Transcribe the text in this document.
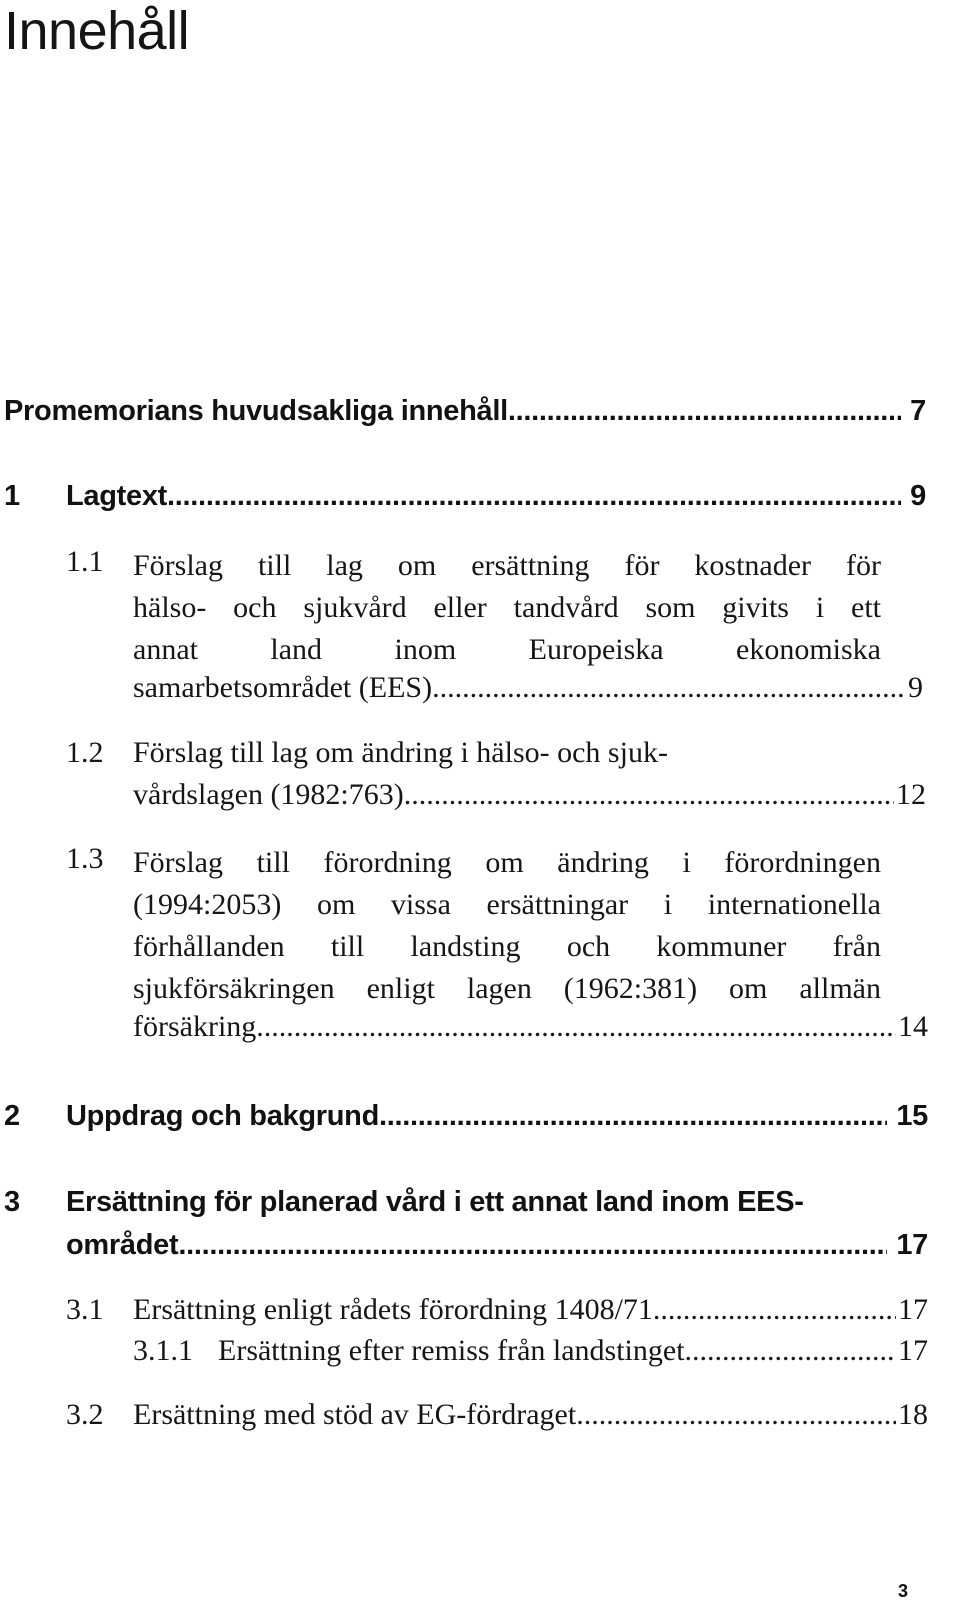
Innehåll
Promemorians huvudsakliga innehåll .....	7
1 Lagtext .....	9
1.1 Förslag till lag om ersättning för kostnader för
hälso- och sjukvård eller tandvård som givits i ett
annat land inom Europeiska ekonomiska
samarbetsområdet (EES) .....	9
1.2 Förslag till lag om ändring i hälso- och sjuk-
vårdslagen (1982:763) .....	12
1.3 Förslag till förordning om ändring i förordningen
(1994:2053) om vissa ersättningar i internationella
förhållanden till landsting och kommuner från
sjukförsäkringen enligt lagen (1962:381) om allmän
försäkring .....	14
2 Uppdrag och bakgrund .....	15
3 Ersättning för planerad vård i ett annat land inom EES-
området .....	17
3.1 Ersättning enligt rådets förordning 1408/71 .....	17
3.1.1 Ersättning efter remiss från landstinget .....	17
3.2 Ersättning med stöd av EG-fördraget .....	18
3
